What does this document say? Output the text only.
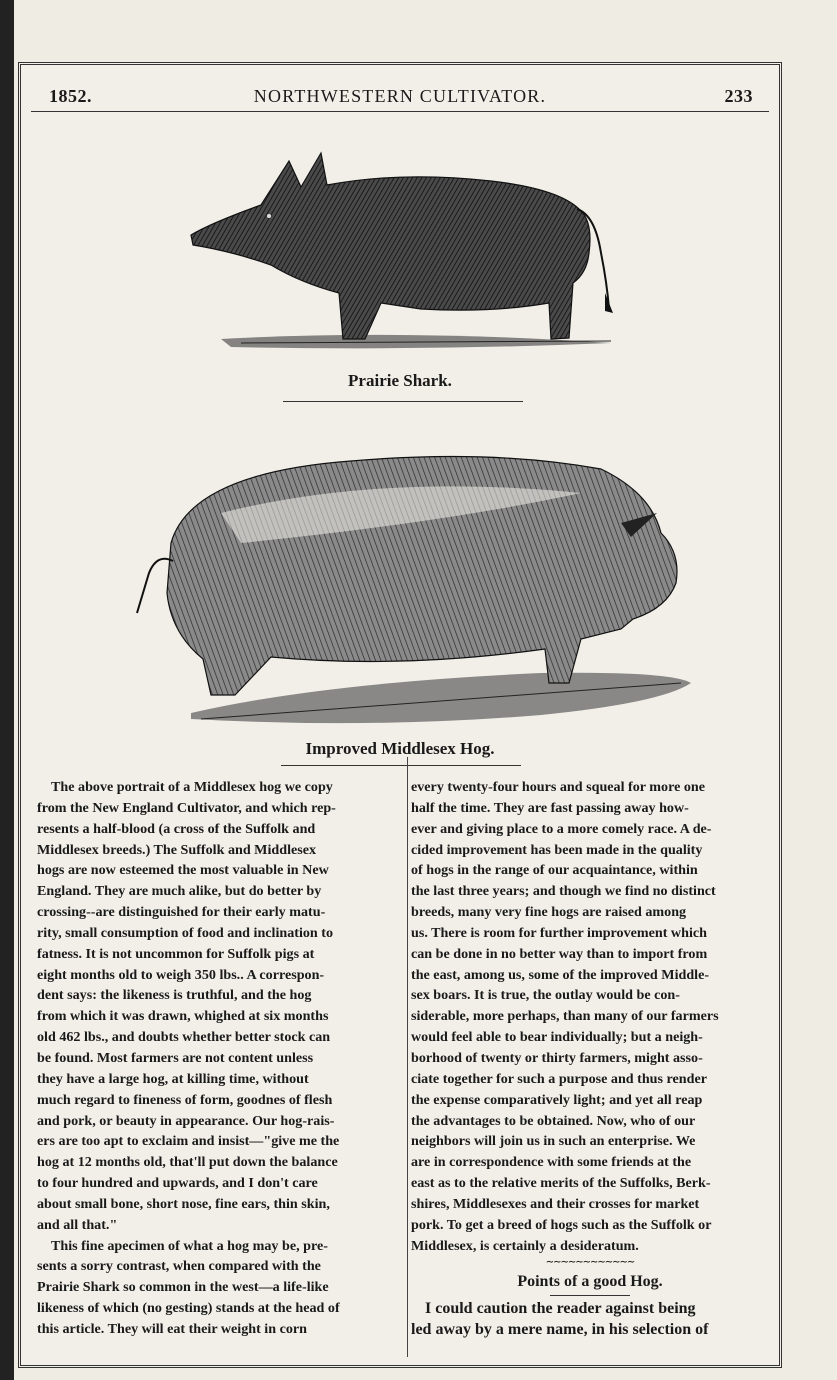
1852.	NORTHWESTERN CULTIVATOR.	233
Prairie Shark.
Improved Middlesex Hog.
The above portrait of a Middlesex hog we copy
from the New England Cultivator, and which rep-
resents a half-blood (a cross of the Suffolk and
Middlesex breeds.) The Suffolk and Middlesex
hogs are now esteemed the most valuable in New
England. They are much alike, but do better by
crossing--are distinguished for their early matu-
rity, small consumption of food and inclination to
fatness. It is not uncommon for Suffolk pigs at
eight months old to weigh 350 lbs.. A correspon-
dent says: the likeness is truthful, and the hog
from which it was drawn, whighed at six months
old 462 lbs., and doubts whether better stock can
be found. Most farmers are not content unless
they have a large hog, at killing time, without
much regard to fineness of form, goodnes of flesh
and pork, or beauty in appearance. Our hog-rais-
ers are too apt to exclaim and insist—"give me the
hog at 12 months old, that'll put down the balance
to four hundred and upwards, and I don't care
about small bone, short nose, fine ears, thin skin,
and all that."
This fine apecimen of what a hog may be, pre-
sents a sorry contrast, when compared with the
Prairie Shark so common in the west—a life-like
likeness of which (no gesting) stands at the head of
this article. They will eat their weight in corn
every twenty-four hours and squeal for more one
half the time. They are fast passing away how-
ever and giving place to a more comely race. A de-
cided improvement has been made in the quality
of hogs in the range of our acquaintance, within
the last three years; and though we find no distinct
breeds, many very fine hogs are raised among
us. There is room for further improvement which
can be done in no better way than to import from
the east, among us, some of the improved Middle-
sex boars. It is true, the outlay would be con-
siderable, more perhaps, than many of our farmers
would feel able to bear individually; but a neigh-
borhood of twenty or thirty farmers, might asso-
ciate together for such a purpose and thus render
the expense comparatively light; and yet all reap
the advantages to be obtained. Now, who of our
neighbors will join us in such an enterprise. We
are in correspondence with some friends at the
east as to the relative merits of the Suffolks, Berk-
shires, Middlesexes and their crosses for market
pork. To get a breed of hogs such as the Suffolk or
Middlesex, is certainly a desideratum.
∼∼∼∼∼∼∼∼∼∼∼∼
Points of a good Hog.
I could caution the reader against being
led away by a mere name, in his selection of
